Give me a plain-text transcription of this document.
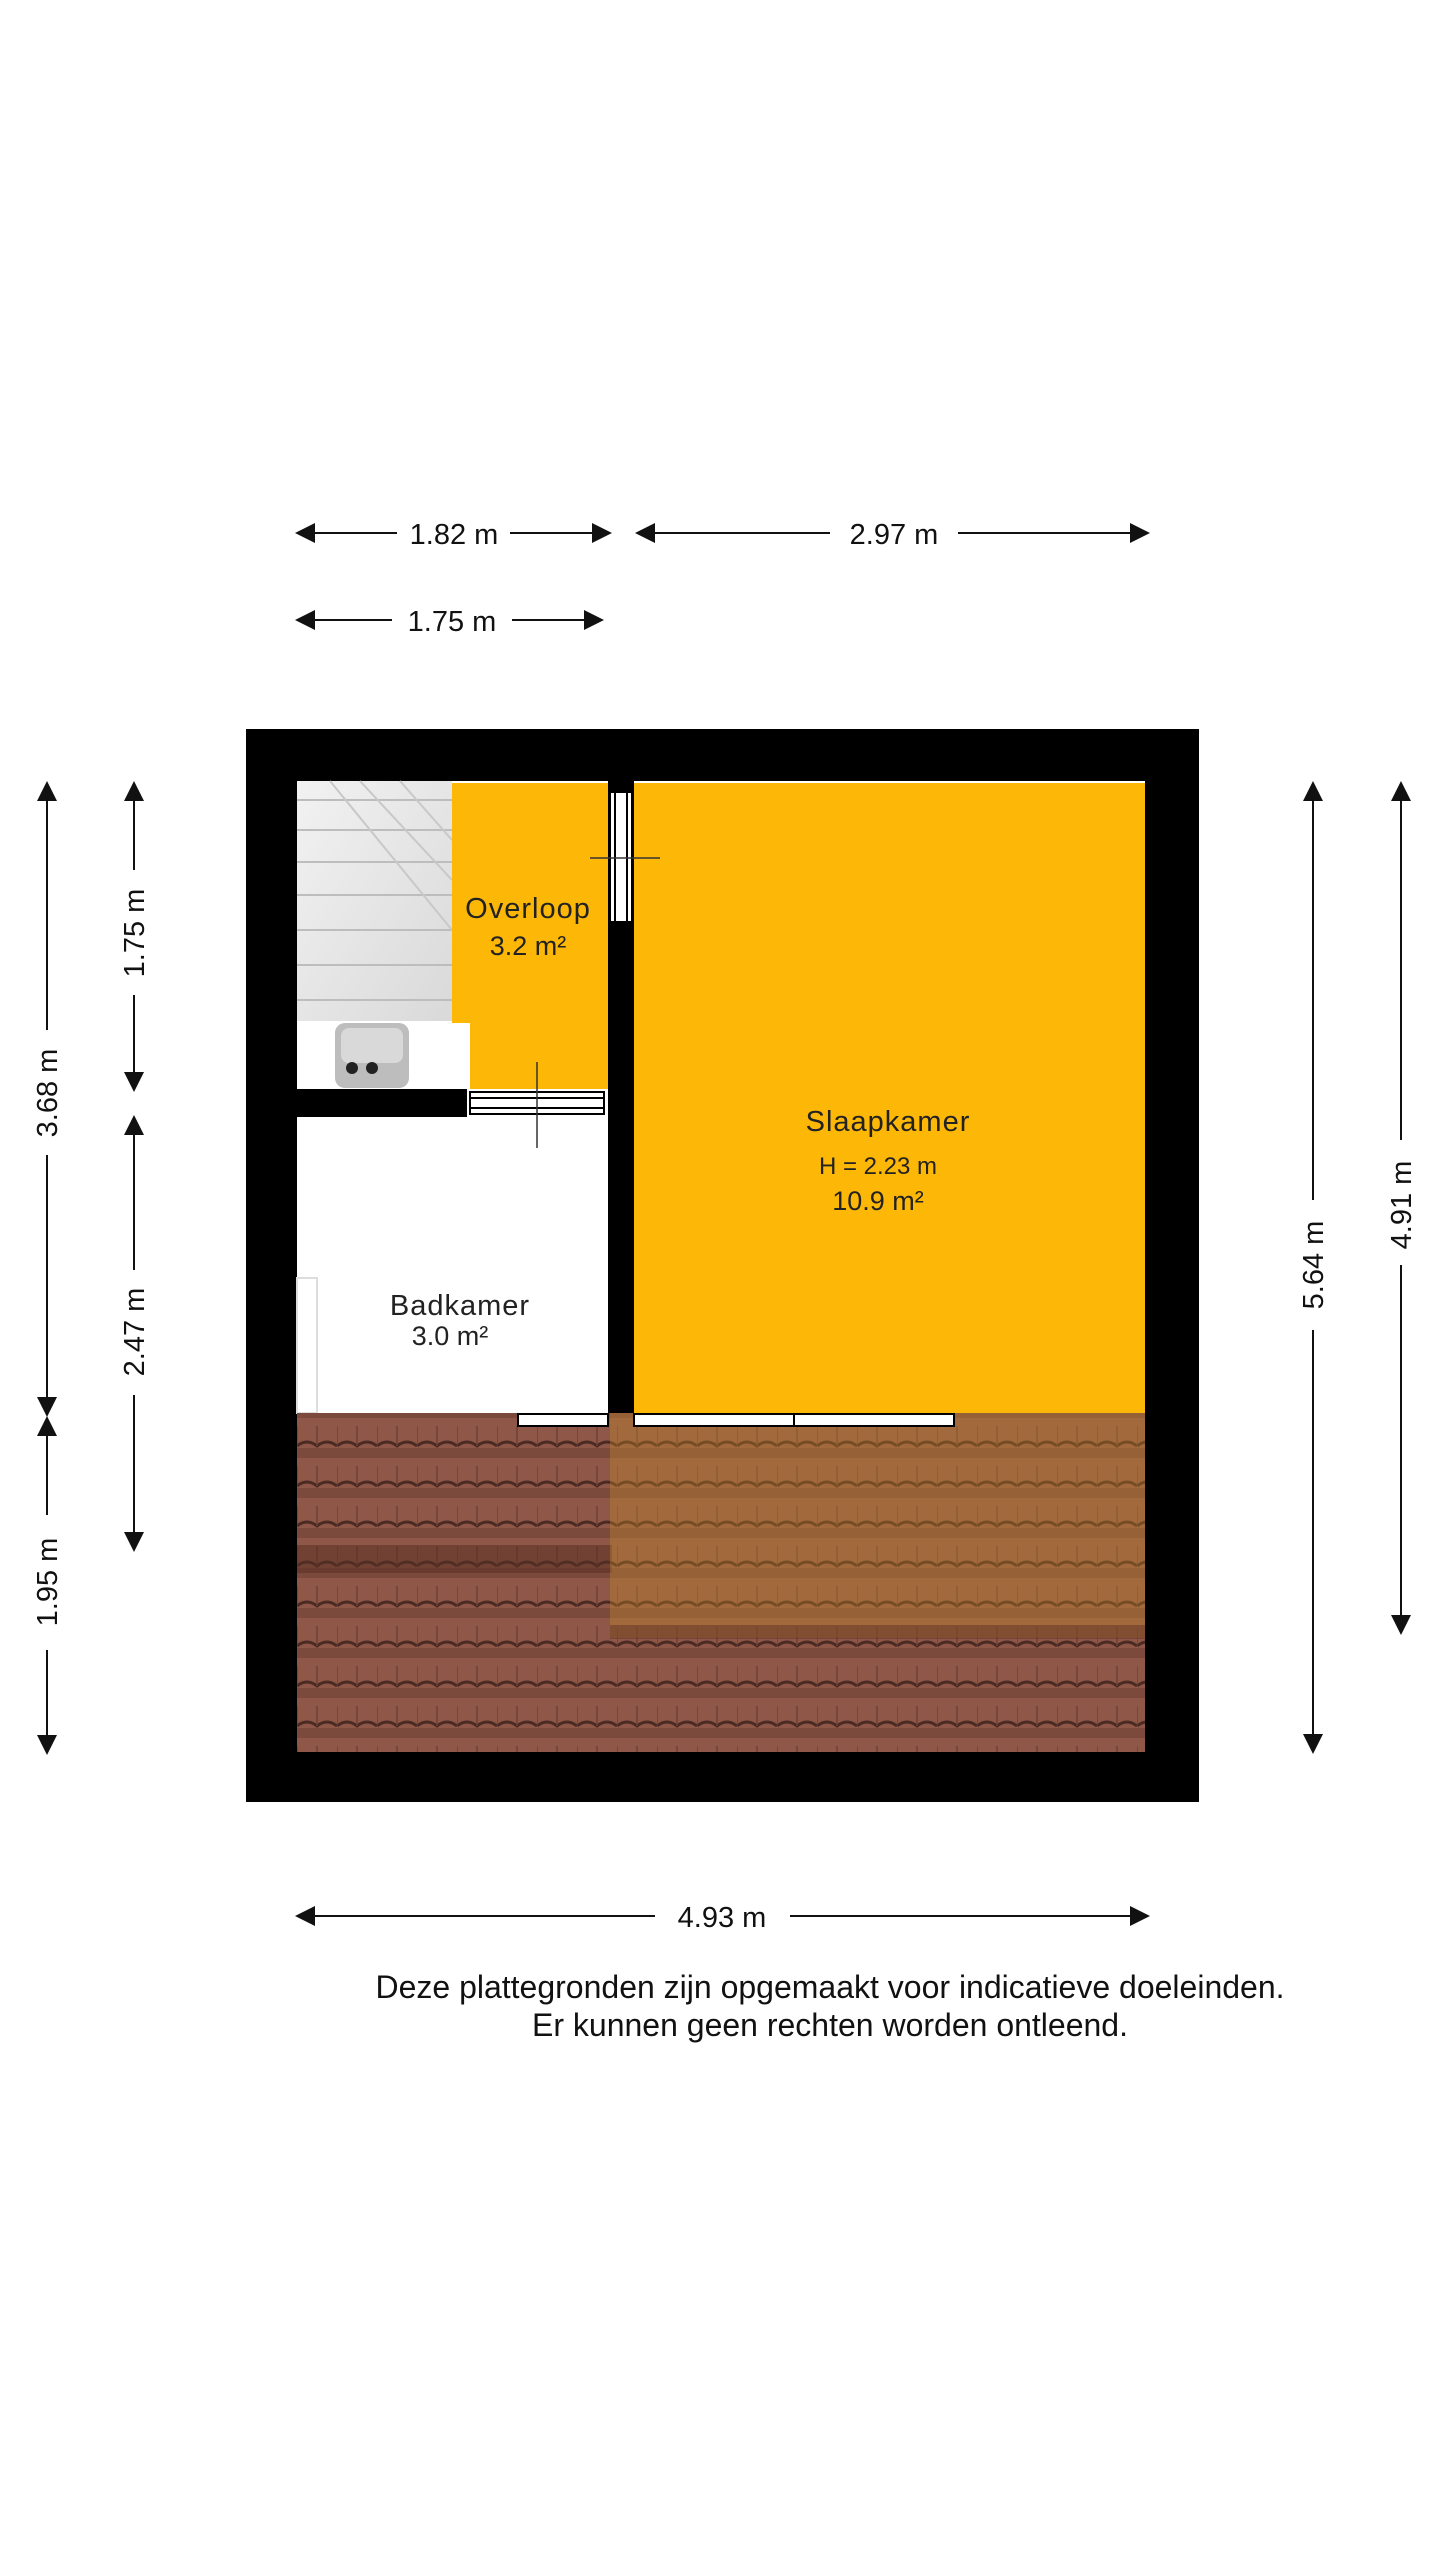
Overloop
3.2 m²
Slaapkamer
H = 2.23 m
10.9 m²
Badkamer
3.0 m²
1.82 m	2.97 m
1.75 m
4.93 m
3.68 m
1.95 m
1.75 m
2.47 m
5.64 m
4.91 m
Deze plattegronden zijn opgemaakt voor indicatieve doeleinden.
Er kunnen geen rechten worden ontleend.
